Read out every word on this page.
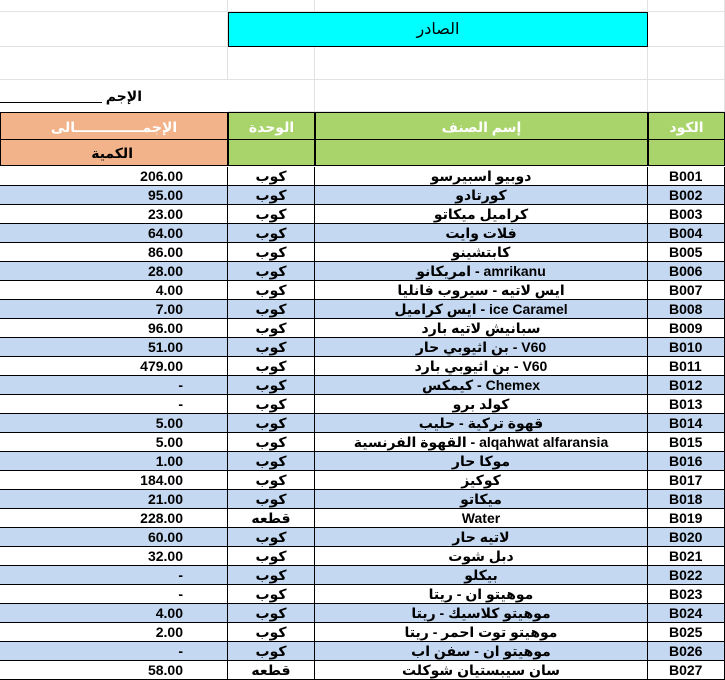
الصادر
الإجم
الإجمــــــــــــــالى	الوحدة	إسم الصنف	الكود
الكمية
206.00	كوب	دوبيو اسبيرسو	B001
95.00	كوب	كورتادو	B002
23.00	كوب	كراميل ميكاتو	B003
64.00	كوب	فلات وايت	B004
86.00	كوب	كابتشينو	B005
28.00	كوب	amrikanu - امريكانو	B006
4.00	كوب	ايس لاتيه - سيروب فانليا	B007
7.00	كوب	ice Caramel - ايس كراميل	B008
96.00	كوب	سبانيش لاتيه بارد	B009
51.00	كوب	V60 - بن اثيوبي حار	B010
479.00	كوب	V60 - بن اثيوبي بارد	B011
-	كوب	Chemex - كيمكس	B012
-	كوب	كولد برو	B013
5.00	كوب	قهوة تركية - حليب	B014
5.00	كوب	alqahwat alfaransia - القهوة الفرنسية	B015
1.00	كوب	موكا حار	B016
184.00	كوب	كوكيز	B017
21.00	كوب	ميكاتو	B018
228.00	قطعه	Water	B019
60.00	كوب	لاتيه حار	B020
32.00	كوب	دبل شوت	B021
-	كوب	بيكلو	B022
-	كوب	موهيتو ان - ريتا	B023
4.00	كوب	موهيتو كلاسيك - ريتا	B024
2.00	كوب	موهيتو توت احمر - ريتا	B025
-	كوب	موهيتو ان - سفن اب	B026
58.00	قطعه	سان سيبستيان شوكلت	B027
